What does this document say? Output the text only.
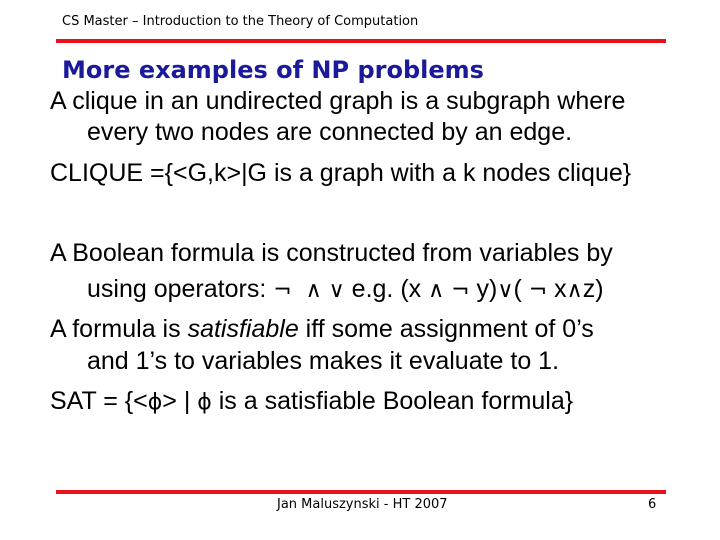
CS Master – Introduction to the Theory of Computation
More examples of NP problems
A clique in an undirected graph is a subgraph where
every two nodes are connected by an edge.
CLIQUE ={<G,k>|G is a graph with a k nodes clique}
A Boolean formula is constructed from variables by
using operators: ¬ ∧ ∨ e.g. (x ∧ ¬ y)∨( ¬ x∧z)
A formula is satisfiable iff some assignment of 0’s
and 1’s to variables makes it evaluate to 1.
SAT = {<ϕ> | ϕ is a satisfiable Boolean formula}
Jan Maluszynski - HT 2007	6
